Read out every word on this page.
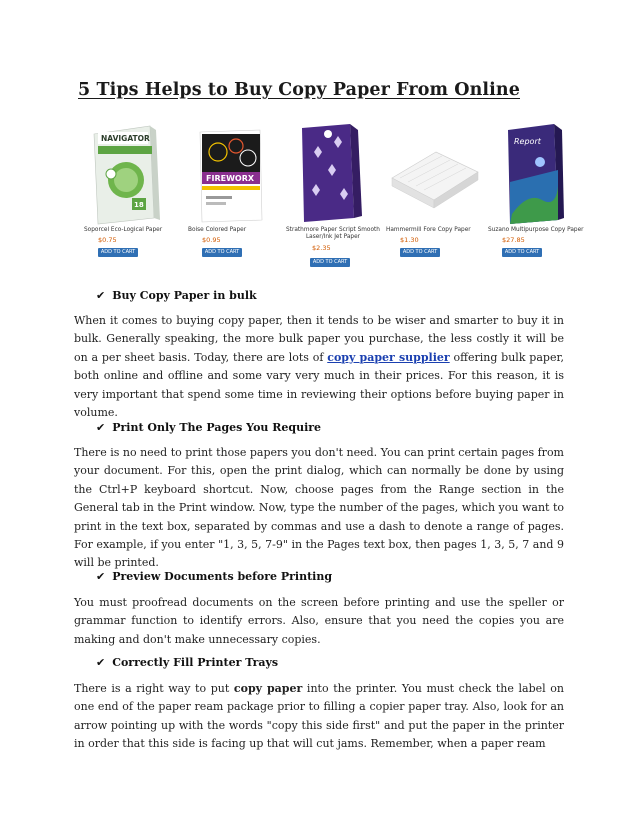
5 Tips Helps to Buy Copy Paper From Online
NAVIGATOR
18
Soporcel Eco-Logical Paper
$0.75
ADD TO CART
FIREWORX
Boise Colored Paper
$0.95
ADD TO CART
Strathmore Paper Script Smooth Laser/Ink Jet Paper
$2.35
ADD TO CART
Hammermill Fore Copy Paper
$1.30
ADD TO CART
Report
Suzano Multipurpose Copy Paper
$27.85
ADD TO CART
✔ Buy Copy Paper in bulk

When it comes to buying copy paper, then it tends to be wiser and smarter to buy it in bulk. Generally speaking, the more bulk paper you purchase, the less costly it will be on a per sheet basis. Today, there are lots of copy paper supplier offering bulk paper, both online and offline and some vary very much in their prices. For this reason, it is very important that spend some time in reviewing their options before buying paper in volume.

✔ Print Only The Pages You Require

There is no need to print those papers you don't need. You can print certain pages from your document. For this, open the print dialog, which can normally be done by using the Ctrl+P keyboard shortcut. Now, choose pages from the Range section in the General tab in the Print window. Now, type the number of the pages, which you want to print in the text box, separated by commas and use a dash to denote a range of pages. For example, if you enter "1, 3, 5, 7-9" in the Pages text box, then pages 1, 3, 5, 7 and 9 will be printed.

✔ Preview Documents before Printing

You must proofread documents on the screen before printing and use the speller or grammar function to identify errors. Also, ensure that you need the copies you are making and don't make unnecessary copies.

✔ Correctly Fill Printer Trays

There is a right way to put copy paper into the printer. You must check the label on one end of the paper ream package prior to filling a copier paper tray. Also, look for an arrow pointing up with the words "copy this side first" and put the paper in the printer in order that this side is facing up that will cut jams. Remember, when a paper ream
